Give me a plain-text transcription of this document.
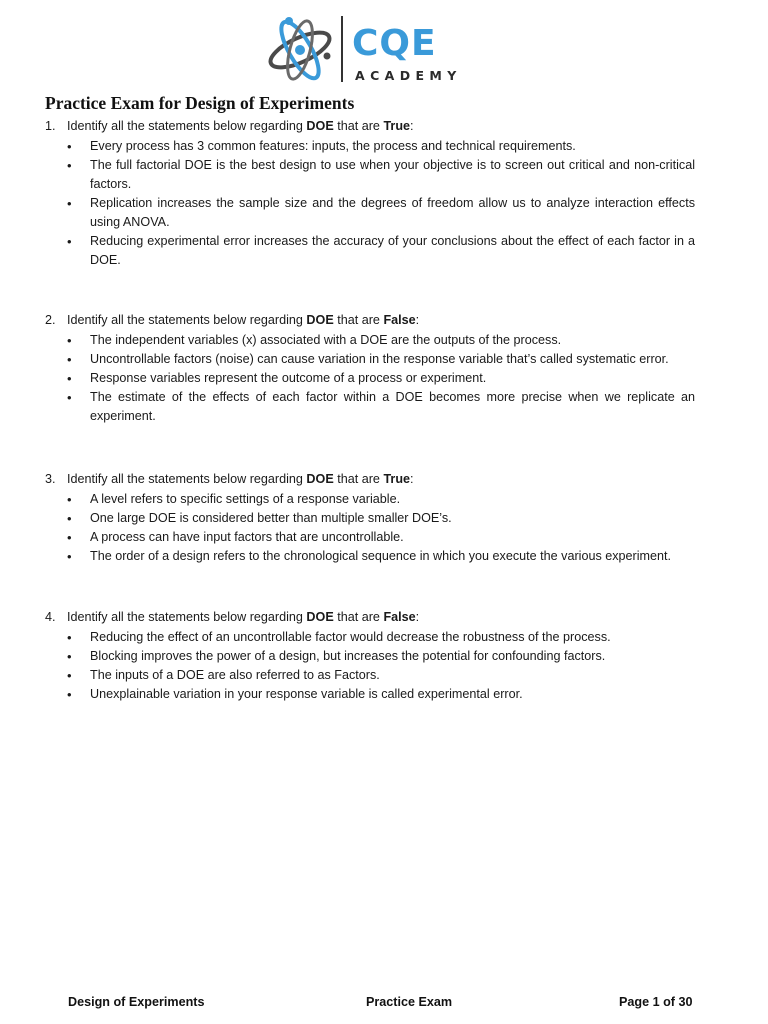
CQE
ACADEMY
Practice Exam for Design of Experiments
1. Identify all the statements below regarding DOE that are True:
• Every process has 3 common features: inputs, the process and technical requirements.
• The full factorial DOE is the best design to use when your objective is to screen out critical and non-critical factors.
• Replication increases the sample size and the degrees of freedom allow us to analyze interaction effects using ANOVA.
• Reducing experimental error increases the accuracy of your conclusions about the effect of each factor in a DOE.
2. Identify all the statements below regarding DOE that are False:
• The independent variables (x) associated with a DOE are the outputs of the process.
• Uncontrollable factors (noise) can cause variation in the response variable that’s called systematic error.
• Response variables represent the outcome of a process or experiment.
• The estimate of the effects of each factor within a DOE becomes more precise when we replicate an experiment.
3. Identify all the statements below regarding DOE that are True:
• A level refers to specific settings of a response variable.
• One large DOE is considered better than multiple smaller DOE’s.
• A process can have input factors that are uncontrollable.
• The order of a design refers to the chronological sequence in which you execute the various experiment.
4. Identify all the statements below regarding DOE that are False:
• Reducing the effect of an uncontrollable factor would decrease the robustness of the process.
• Blocking improves the power of a design, but increases the potential for confounding factors.
• The inputs of a DOE are also referred to as Factors.
• Unexplainable variation in your response variable is called experimental error.
Design of Experiments	Practice Exam	Page 1 of 30
